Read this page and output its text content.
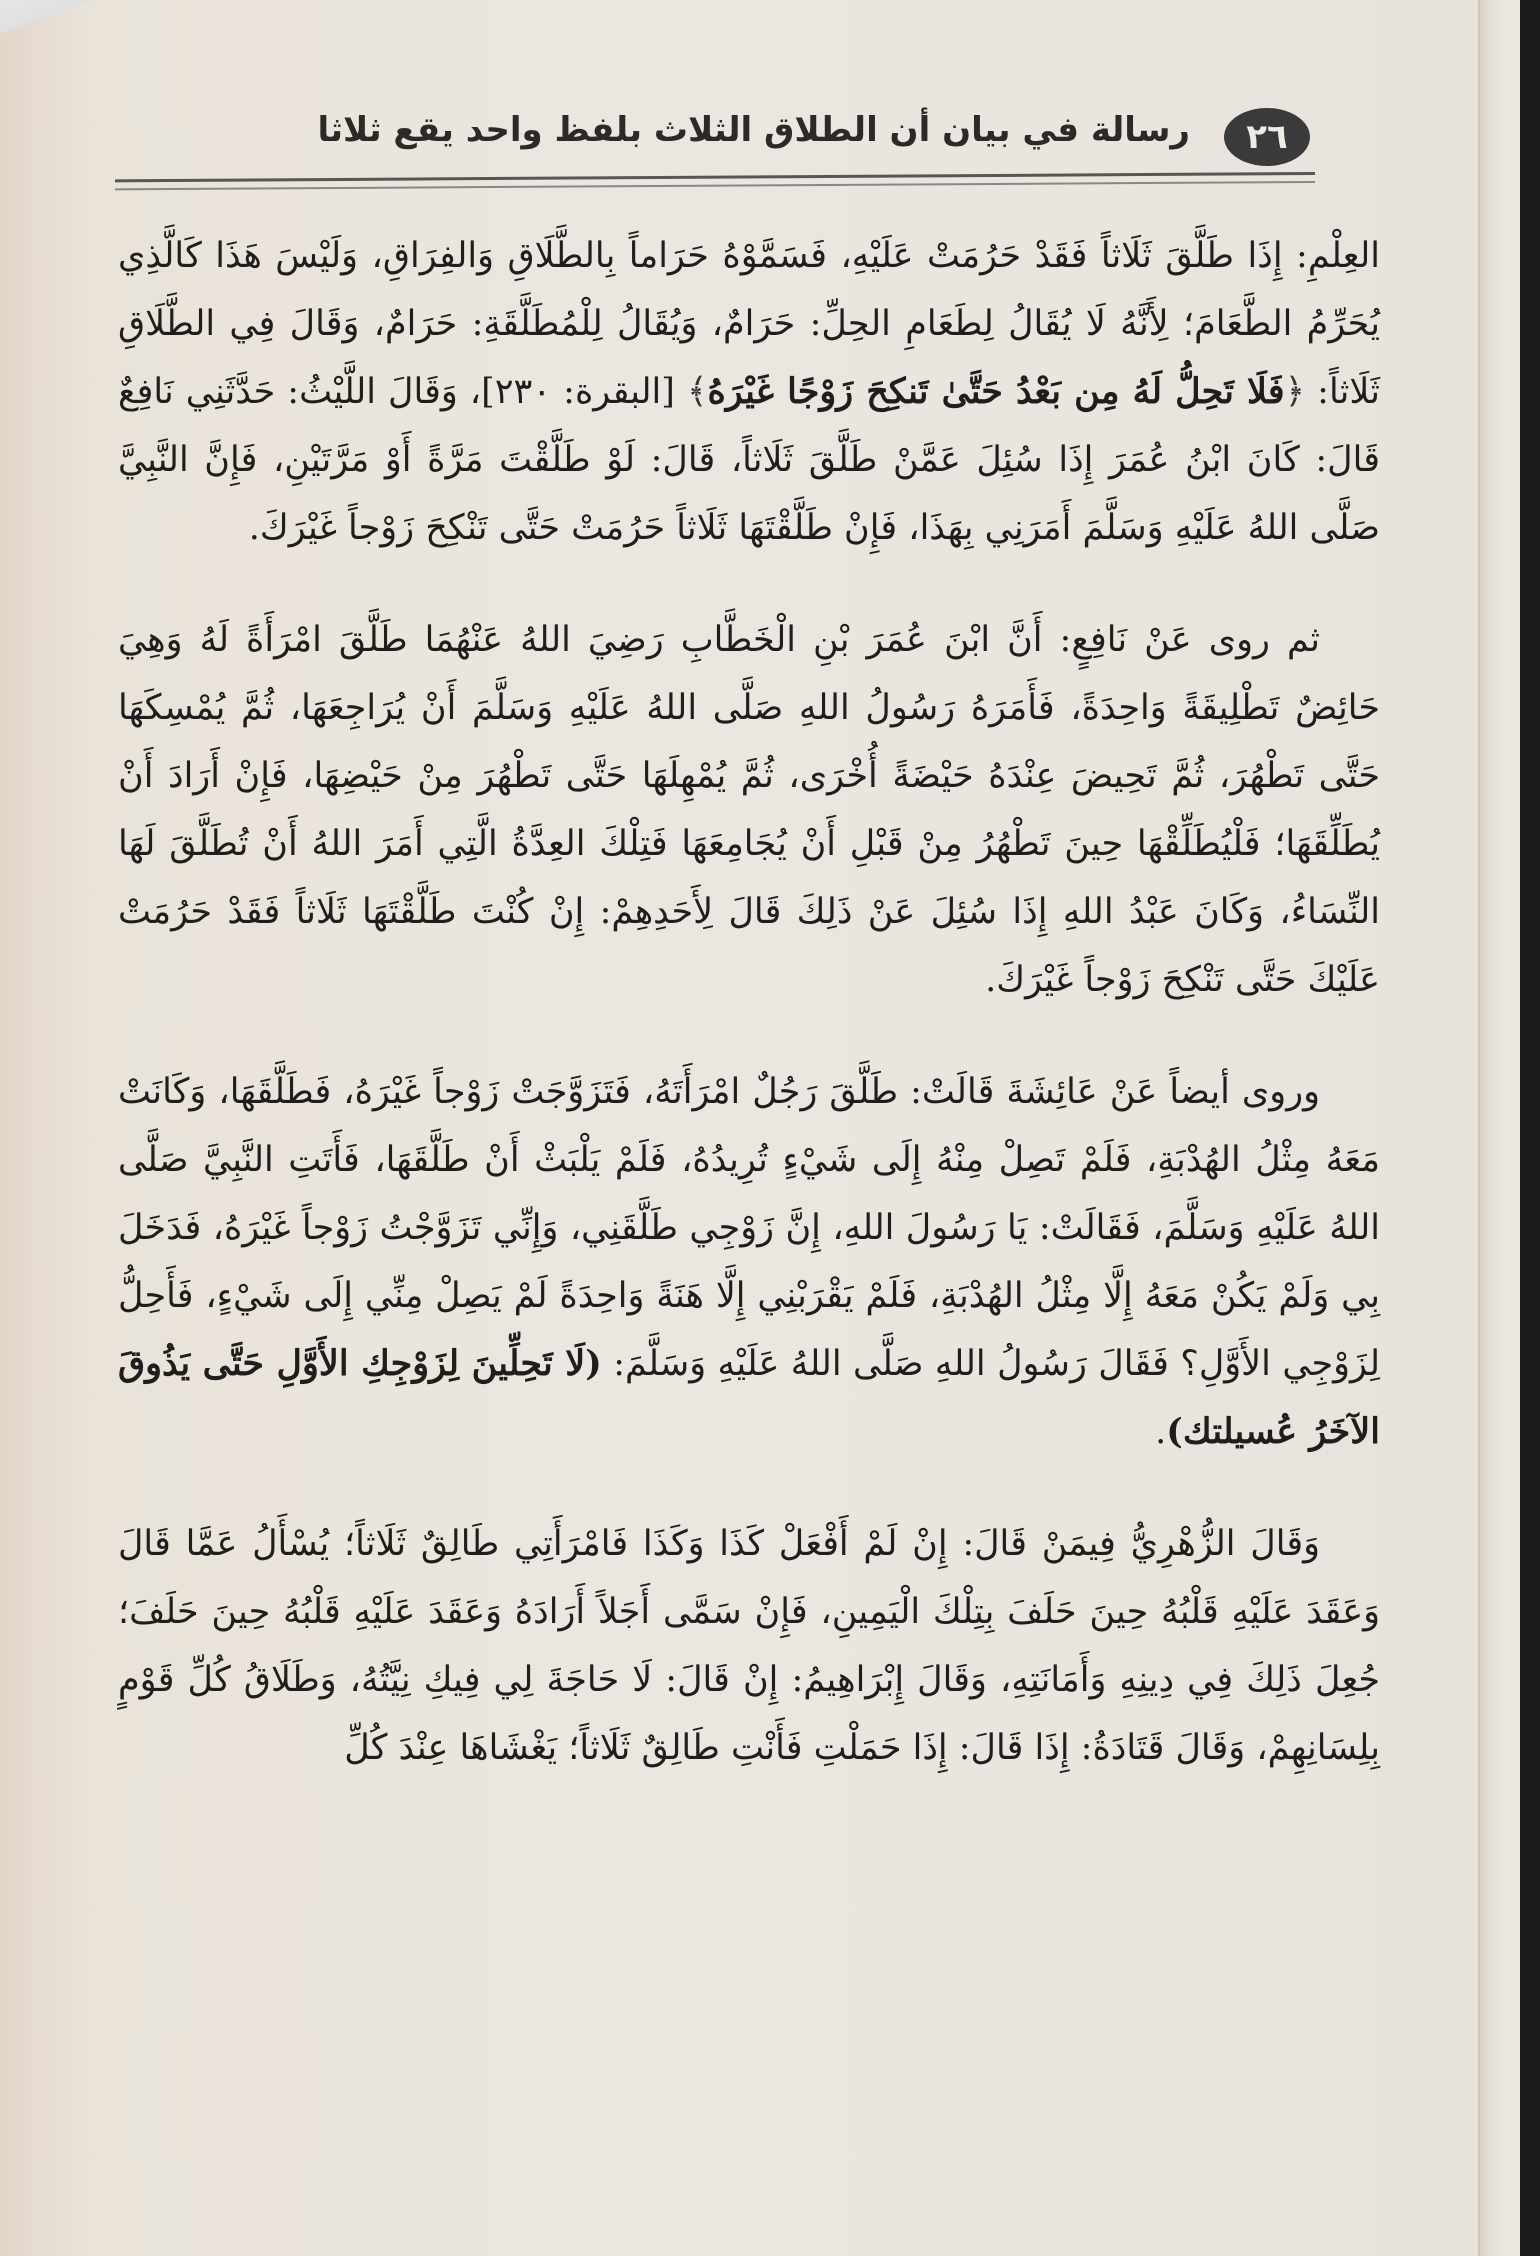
٢٦
رسالة في بيان أن الطلاق الثلاث بلفظ واحد يقع ثلاثا

العِلْمِ: إِذَا طَلَّقَ ثَلَاثاً فَقَدْ حَرُمَتْ عَلَيْهِ، فَسَمَّوْهُ حَرَاماً بِالطَّلَاقِ وَالفِرَاقِ، وَلَيْسَ هَذَا كَالَّذِي يُحَرِّمُ الطَّعَامَ؛ لِأَنَّهُ لَا يُقَالُ لِطَعَامِ الحِلِّ: حَرَامٌ، وَيُقَالُ لِلْمُطَلَّقَةِ: حَرَامٌ، وَقَالَ فِي الطَّلَاقِ ثَلَاثاً: ﴿فَلَا تَحِلُّ لَهُ مِن بَعْدُ حَتَّىٰ تَنكِحَ زَوْجًا غَيْرَهُ﴾ [البقرة: ٢٣٠]، وَقَالَ اللَّيْثُ: حَدَّثَنِي نَافِعٌ قَالَ: كَانَ ابْنُ عُمَرَ إِذَا سُئِلَ عَمَّنْ طَلَّقَ ثَلَاثاً، قَالَ: لَوْ طَلَّقْتَ مَرَّةً أَوْ مَرَّتَيْنِ، فَإِنَّ النَّبِيَّ صَلَّى اللهُ عَلَيْهِ وَسَلَّمَ أَمَرَنِي بِهَذَا، فَإِنْ طَلَّقْتَهَا ثَلَاثاً حَرُمَتْ حَتَّى تَنْكِحَ زَوْجاً غَيْرَكَ.

ثم روى عَنْ نَافِعٍ: أَنَّ ابْنَ عُمَرَ بْنِ الْخَطَّابِ رَضِيَ اللهُ عَنْهُمَا طَلَّقَ امْرَأَةً لَهُ وَهِيَ حَائِضٌ تَطْلِيقَةً وَاحِدَةً، فَأَمَرَهُ رَسُولُ اللهِ صَلَّى اللهُ عَلَيْهِ وَسَلَّمَ أَنْ يُرَاجِعَهَا، ثُمَّ يُمْسِكَهَا حَتَّى تَطْهُرَ، ثُمَّ تَحِيضَ عِنْدَهُ حَيْضَةً أُخْرَى، ثُمَّ يُمْهِلَهَا حَتَّى تَطْهُرَ مِنْ حَيْضِهَا، فَإِنْ أَرَادَ أَنْ يُطَلِّقَهَا؛ فَلْيُطَلِّقْهَا حِينَ تَطْهُرُ مِنْ قَبْلِ أَنْ يُجَامِعَهَا فَتِلْكَ العِدَّةُ الَّتِي أَمَرَ اللهُ أَنْ تُطَلَّقَ لَهَا النِّسَاءُ، وَكَانَ عَبْدُ اللهِ إِذَا سُئِلَ عَنْ ذَلِكَ قَالَ لِأَحَدِهِمْ: إِنْ كُنْتَ طَلَّقْتَهَا ثَلَاثاً فَقَدْ حَرُمَتْ عَلَيْكَ حَتَّى تَنْكِحَ زَوْجاً غَيْرَكَ.

وروى أيضاً عَنْ عَائِشَةَ قَالَتْ: طَلَّقَ رَجُلٌ امْرَأَتَهُ، فَتَزَوَّجَتْ زَوْجاً غَيْرَهُ، فَطَلَّقَهَا، وَكَانَتْ مَعَهُ مِثْلُ الهُدْبَةِ، فَلَمْ تَصِلْ مِنْهُ إِلَى شَيْءٍ تُرِيدُهُ، فَلَمْ يَلْبَثْ أَنْ طَلَّقَهَا، فَأَتَتِ النَّبِيَّ صَلَّى اللهُ عَلَيْهِ وَسَلَّمَ، فَقَالَتْ: يَا رَسُولَ اللهِ، إِنَّ زَوْجِي طَلَّقَنِي، وَإِنِّي تَزَوَّجْتُ زَوْجاً غَيْرَهُ، فَدَخَلَ بِي وَلَمْ يَكُنْ مَعَهُ إِلَّا مِثْلُ الهُدْبَةِ، فَلَمْ يَقْرَبْنِي إِلَّا هَنَةً وَاحِدَةً لَمْ يَصِلْ مِنِّي إِلَى شَيْءٍ، فَأَحِلُّ لِزَوْجِي الأَوَّلِ؟ فَقَالَ رَسُولُ اللهِ صَلَّى اللهُ عَلَيْهِ وَسَلَّمَ: (لَا تَحِلِّينَ لِزَوْجِكِ الأَوَّلِ حَتَّى يَذُوقَ الآخَرُ عُسيلتك).

وَقَالَ الزُّهْرِيُّ فِيمَنْ قَالَ: إِنْ لَمْ أَفْعَلْ كَذَا وَكَذَا فَامْرَأَتِي طَالِقٌ ثَلَاثاً؛ يُسْأَلُ عَمَّا قَالَ وَعَقَدَ عَلَيْهِ قَلْبُهُ حِينَ حَلَفَ بِتِلْكَ الْيَمِينِ، فَإِنْ سَمَّى أَجَلاً أَرَادَهُ وَعَقَدَ عَلَيْهِ قَلْبُهُ حِينَ حَلَفَ؛ جُعِلَ ذَلِكَ فِي دِينِهِ وَأَمَانَتِهِ، وَقَالَ إِبْرَاهِيمُ: إِنْ قَالَ: لَا حَاجَةَ لِي فِيكِ نِيَّتُهُ، وَطَلَاقُ كُلِّ قَوْمٍ بِلِسَانِهِمْ، وَقَالَ قَتَادَةُ: إِذَا قَالَ: إِذَا حَمَلْتِ فَأَنْتِ طَالِقٌ ثَلَاثاً؛ يَغْشَاهَا عِنْدَ كُلِّ
